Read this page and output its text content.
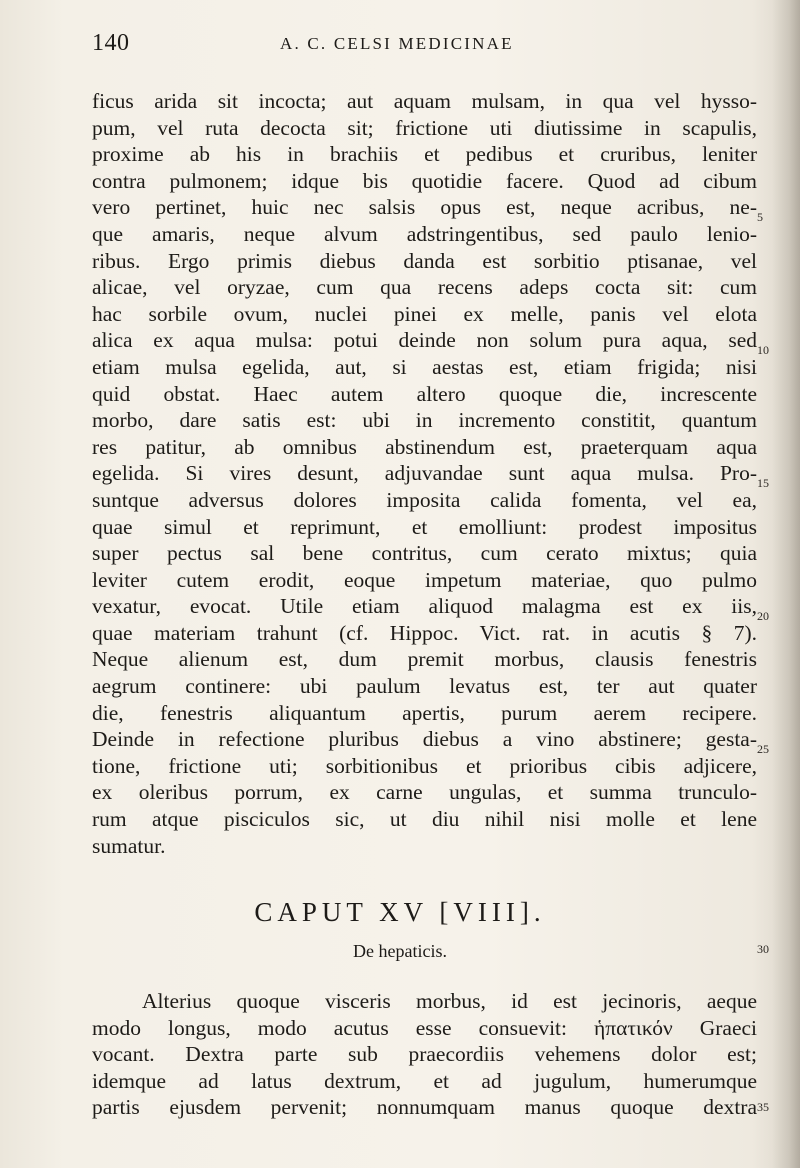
140	A. C. CELSI MEDICINAE
ficus arida sit incocta; aut aquam mulsam, in qua vel hysso-
pum, vel ruta decocta sit; frictione uti diutissime in scapulis,
proxime ab his in brachiis et pedibus et cruribus, leniter
contra pulmonem; idque bis quotidie facere. Quod ad cibum
vero pertinet, huic nec salsis opus est, neque acribus, ne-
que amaris, neque alvum adstringentibus, sed paulo lenio-
ribus. Ergo primis diebus danda est sorbitio ptisanae, vel
alicae, vel oryzae, cum qua recens adeps cocta sit: cum
hac sorbile ovum, nuclei pinei ex melle, panis vel elota
alica ex aqua mulsa: potui deinde non solum pura aqua, sed
etiam mulsa egelida, aut, si aestas est, etiam frigida; nisi
quid obstat. Haec autem altero quoque die, increscente
morbo, dare satis est: ubi in incremento constitit, quantum
res patitur, ab omnibus abstinendum est, praeterquam aqua
egelida. Si vires desunt, adjuvandae sunt aqua mulsa. Pro-
suntque adversus dolores imposita calida fomenta, vel ea,
quae simul et reprimunt, et emolliunt: prodest impositus
super pectus sal bene contritus, cum cerato mixtus; quia
leviter cutem erodit, eoque impetum materiae, quo pulmo
vexatur, evocat. Utile etiam aliquod malagma est ex iis,
quae materiam trahunt (cf. Hippoc. Vict. rat. in acutis § 7).
Neque alienum est, dum premit morbus, clausis fenestris
aegrum continere: ubi paulum levatus est, ter aut quater
die, fenestris aliquantum apertis, purum aerem recipere.
Deinde in refectione pluribus diebus a vino abstinere; gesta-
tione, frictione uti; sorbitionibus et prioribus cibis adjicere,
ex oleribus porrum, ex carne ungulas, et summa trunculo-
rum atque pisciculos sic, ut diu nihil nisi molle et lene
sumatur.
5
10
15
20
25
30
35
CAPUT XV [VIII].
De hepaticis.
Alterius quoque visceris morbus, id est jecinoris, aeque
modo longus, modo acutus esse consuevit: ἡπατικόν Graeci
vocant. Dextra parte sub praecordiis vehemens dolor est;
idemque ad latus dextrum, et ad jugulum, humerumque
partis ejusdem pervenit; nonnumquam manus quoque dextra
